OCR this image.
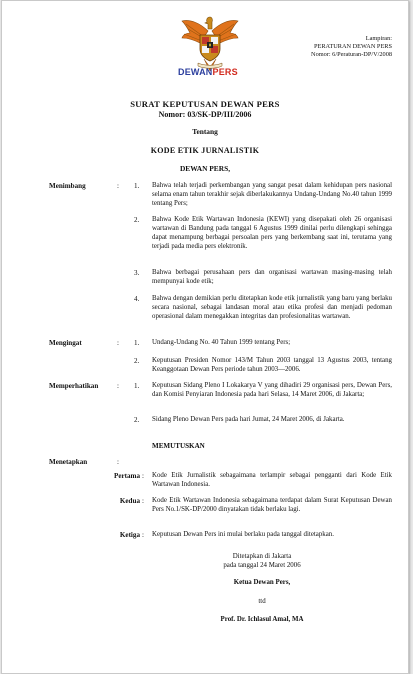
DEWANPERS
Lampiran:
PERATURAN DEWAN PERS
Nomor: 6/Peraturan-DP/V/2008
SURAT KEPUTUSAN DEWAN PERS
Nomor: 03/SK-DP/III/2006
Tentang
KODE ETIK JURNALISTIK
DEWAN PERS,
Menimbang	: 1. Bahwa telah terjadi perkembangan yang sangat pesat dalam kehidupan pers nasional selama enam tahun terakhir sejak diberlakukannya Undang-Undang No.40 tahun 1999 tentang Pers;
2. Bahwa Kode Etik Wartawan Indonesia (KEWI) yang disepakati oleh 26 organisasi wartawan di Bandung pada tanggal 6 Agustus 1999 dinilai perlu dilengkapi sehingga dapat menampung berbagai persoalan pers yang berkembang saat ini, terutama yang terjadi pada media pers elektronik.
3. Bahwa berbagai perusahaan pers dan organisasi wartawan masing-masing telah mempunyai kode etik;
4. Bahwa dengan demikian perlu ditetapkan kode etik jurnalistik yang baru yang berlaku secara nasional, sebagai landasan moral atau etika profesi dan menjadi pedoman operasional dalam menegakkan integritas dan profesionalitas wartawan.
Mengingat	: 1. Undang-Undang No. 40 Tahun 1999 tentang Pers;
2. Keputusan Presiden Nomor 143/M Tahun 2003 tanggal 13 Agustus 2003, tentang Keanggotaan Dewan Pers periode tahun 2003—2006.
Memperhatikan	: 1. Keputusan Sidang Pleno I Lokakarya V yang dihadiri 29 organisasi pers, Dewan Pers, dan Komisi Penyiaran Indonesia pada hari Selasa, 14 Maret 2006, di Jakarta;
2. Sidang Pleno Dewan Pers pada hari Jumat, 24 Maret 2006, di Jakarta.
MEMUTUSKAN
Menetapkan	:
Pertama : Kode Etik Jurnalistik sebagaimana terlampir sebagai pengganti dari Kode Etik Wartawan Indonesia.
Kedua : Kode Etik Wartawan Indonesia sebagaimana terdapat dalam Surat Keputusan Dewan Pers No.1/SK-DP/2000 dinyatakan tidak berlaku lagi.
Ketiga : Keputusan Dewan Pers ini mulai berlaku pada tanggal ditetapkan.
Ditetapkan di Jakarta
pada tanggal 24 Maret 2006
Ketua Dewan Pers,
ttd
Prof. Dr. Ichlasul Amal, MA
